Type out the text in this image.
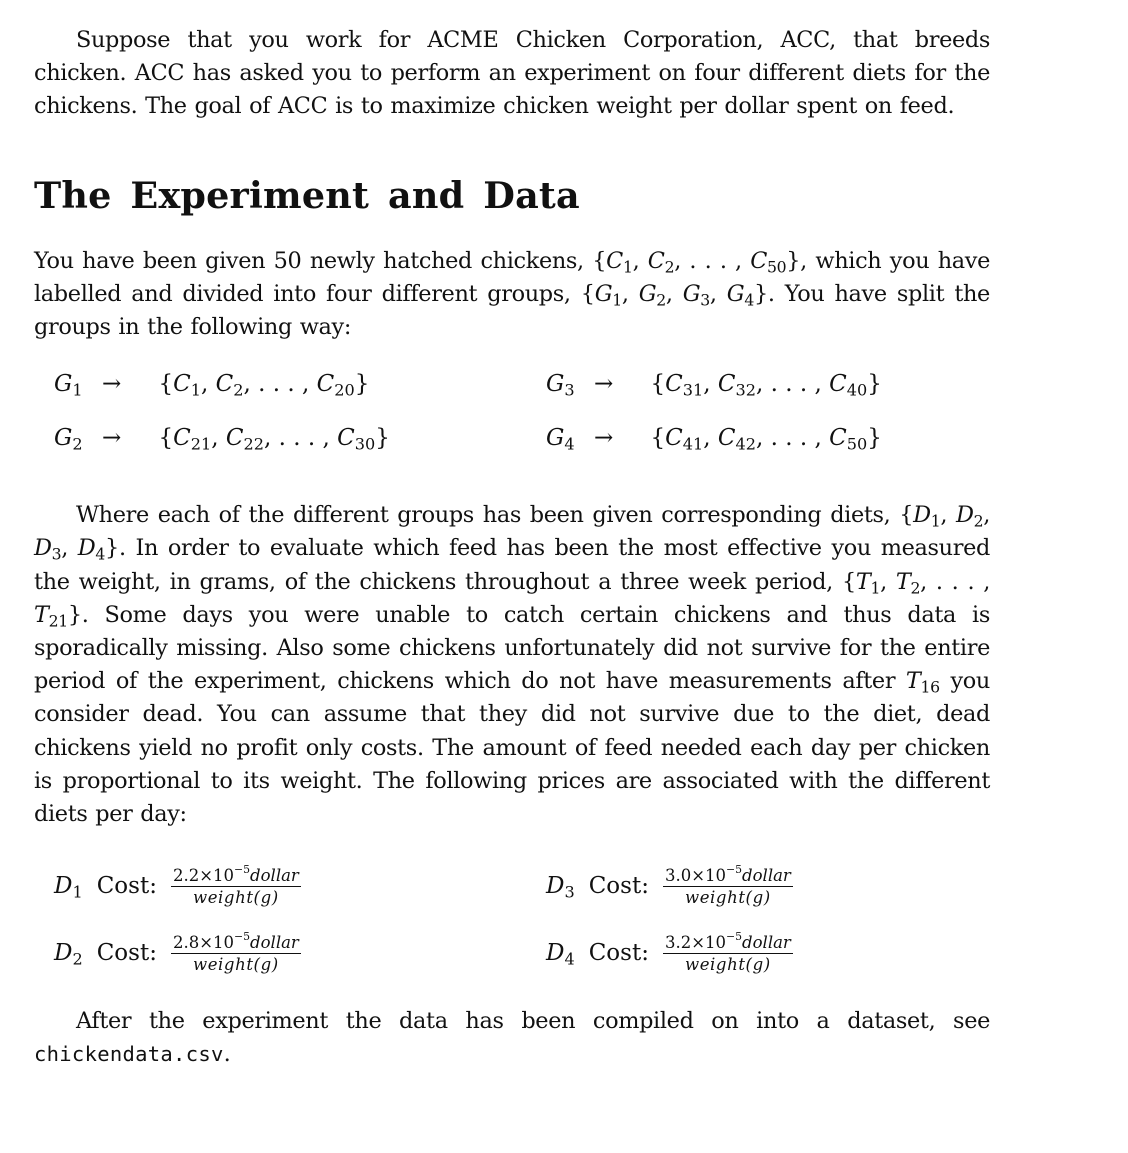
Suppose that you work for ACME Chicken Corporation, ACC, that breeds chicken. ACC has asked you to perform an experiment on four different diets for the chickens. The goal of ACC is to maximize chicken weight per dollar spent on feed.

The Experiment and Data

You have been given 50 newly hatched chickens, {$C_1$, $C_2$, . . . , $C_{50}$}, which you have labelled and divided into four different groups, {$G_1$, $G_2$, $G_3$, $G_4$}. You have split the groups in the following way:

$G_1 \to \{C_1$, $C_2$, . . . , $C_{20}$}	$G_3 \to \{C_{31}$, $C_{32}$, . . . , $C_{40}$}
$G_2 \to \{C_{21}$, $C_{22}$, . . . , $C_{30}$}	$G_4 \to \{C_{41}$, $C_{42}$, . . . , $C_{50}$}

Where each of the different groups has been given corresponding diets, {$D_1$, $D_2$, $D_3$, $D_4$}. In order to evaluate which feed has been the most effective you measured the weight, in grams, of the chickens throughout a three week period, {$T_1$, $T_2$, . . . , $T_{21}$}. Some days you were unable to catch certain chickens and thus data is sporadically missing. Also some chickens unfortunately did not survive for the entire period of the experiment, chickens which do not have measurements after $T_{16}$ you consider dead. You can assume that they did not survive due to the diet, dead chickens yield no profit only costs. The amount of feed needed each day per chicken is proportional to its weight. The following prices are associated with the different diets per day:

$D_1$ Cost: $\frac{2.2\times 10^{-5}dollar}{\text{weight(g)}}$	$D_3$ Cost: $\frac{3.0\times 10^{-5}dollar}{\text{weight(g)}}$
$D_2$ Cost: $\frac{2.8\times 10^{-5}dollar}{\text{weight(g)}}$	$D_4$ Cost: $\frac{3.2\times 10^{-5}dollar}{\text{weight(g)}}$

After the experiment the data has been compiled on into a dataset, see chickendata.csv.
